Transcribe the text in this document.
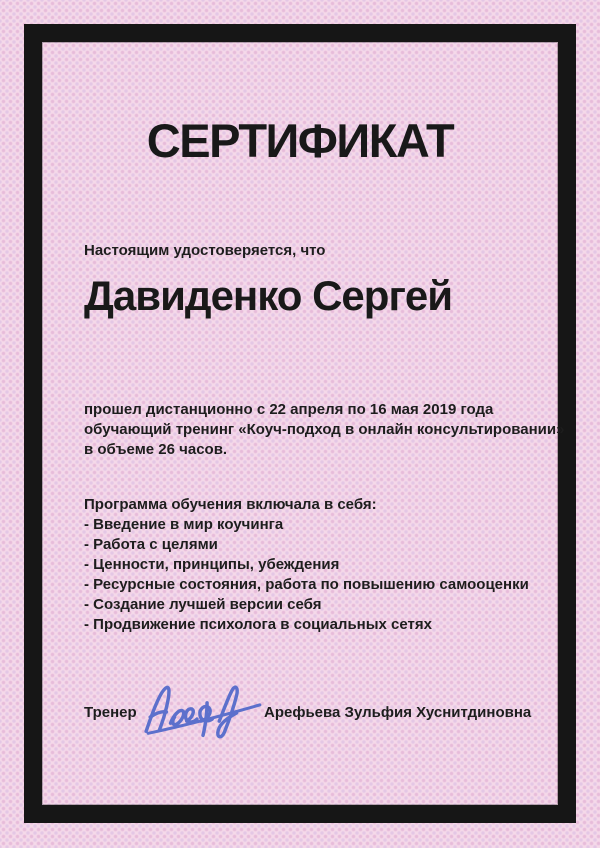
СЕРТИФИКАТ

Настоящим удостоверяется, что

Давиденко Сергей
прошел дистанционно с 22 апреля по 16 мая 2019 года
обучающий тренинг «Коуч-подход в онлайн консультировании»
в объеме 26 часов.
Программа обучения включала в себя:
- Введение в мир коучинга
- Работа с целями
- Ценности, принципы, убеждения
- Ресурсные состояния, работа по повышению самооценки
- Создание лучшей версии себя
- Продвижение психолога в социальных сетях
Тренер	Арефьева Зульфия Хуснитдиновна
